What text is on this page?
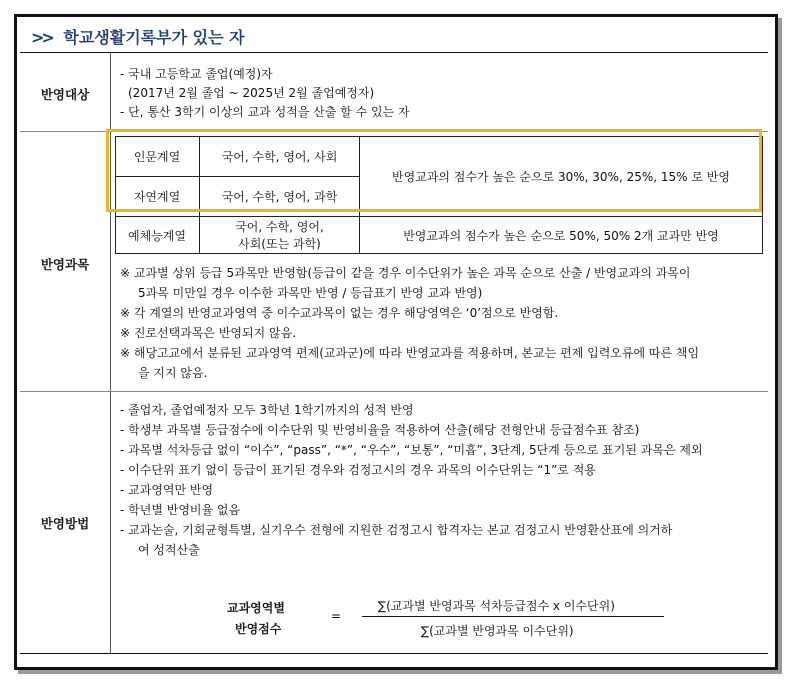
>> 학교생활기록부가 있는 자
반영대상
- 국내 고등학교 졸업(예정)자
(2017년 2월 졸업 ~ 2025년 2월 졸업예정자)
- 단, 통산 3학기 이상의 교과 성적을 산출 할 수 있는 자
반영과목
인문계열	국어, 수학, 영어, 사회
자연계열	국어, 수학, 영어, 과학
반영교과의 점수가 높은 순으로 30%, 30%, 25%, 15% 로 반영
예체능계열
국어, 수학, 영어,
사회(또는 과학)
반영교과의 점수가 높은 순으로 50%, 50% 2개 교과만 반영
※ 교과별 상위 등급 5과목만 반영함(등급이 같을 경우 이수단위가 높은 과목 순으로 산출 / 반영교과의 과목이
5과목 미만일 경우 이수한 과목만 반영 / 등급표기 반영 교과 반영)
※ 각 계열의 반영교과영역 중 이수교과목이 없는 경우 해당영역은 ‘0’점으로 반영함.
※ 진로선택과목은 반영되지 않음.
※ 해당고교에서 분류된 교과영역 편제(교과군)에 따라 반영교과를 적용하며, 본교는 편제 입력오류에 따른 책임
을 지지 않음.
반영방법
- 졸업자, 졸업예정자 모두 3학년 1학기까지의 성적 반영
- 학생부 과목별 등급점수에 이수단위 및 반영비율을 적용하여 산출(해당 전형안내 등급점수표 참조)
- 과목별 석차등급 없이 “이수”, “pass”, “*”, “우수”, “보통”, “미흡”, 3단계, 5단계 등으로 표기된 과목은 제외
- 이수단위 표기 없이 등급이 표기된 경우와 검정고시의 경우 과목의 이수단위는 “1”로 적용
- 교과영역만 반영
- 학년별 반영비율 없음
- 교과논술, 기회균형특별, 실기우수 전형에 지원한 검정고시 합격자는 본교 검정고시 반영환산표에 의거하
여 성적산출
교과영역별
반영점수
=
∑(교과별 반영과목 석차등급점수 x 이수단위)
∑(교과별 반영과목 이수단위)
